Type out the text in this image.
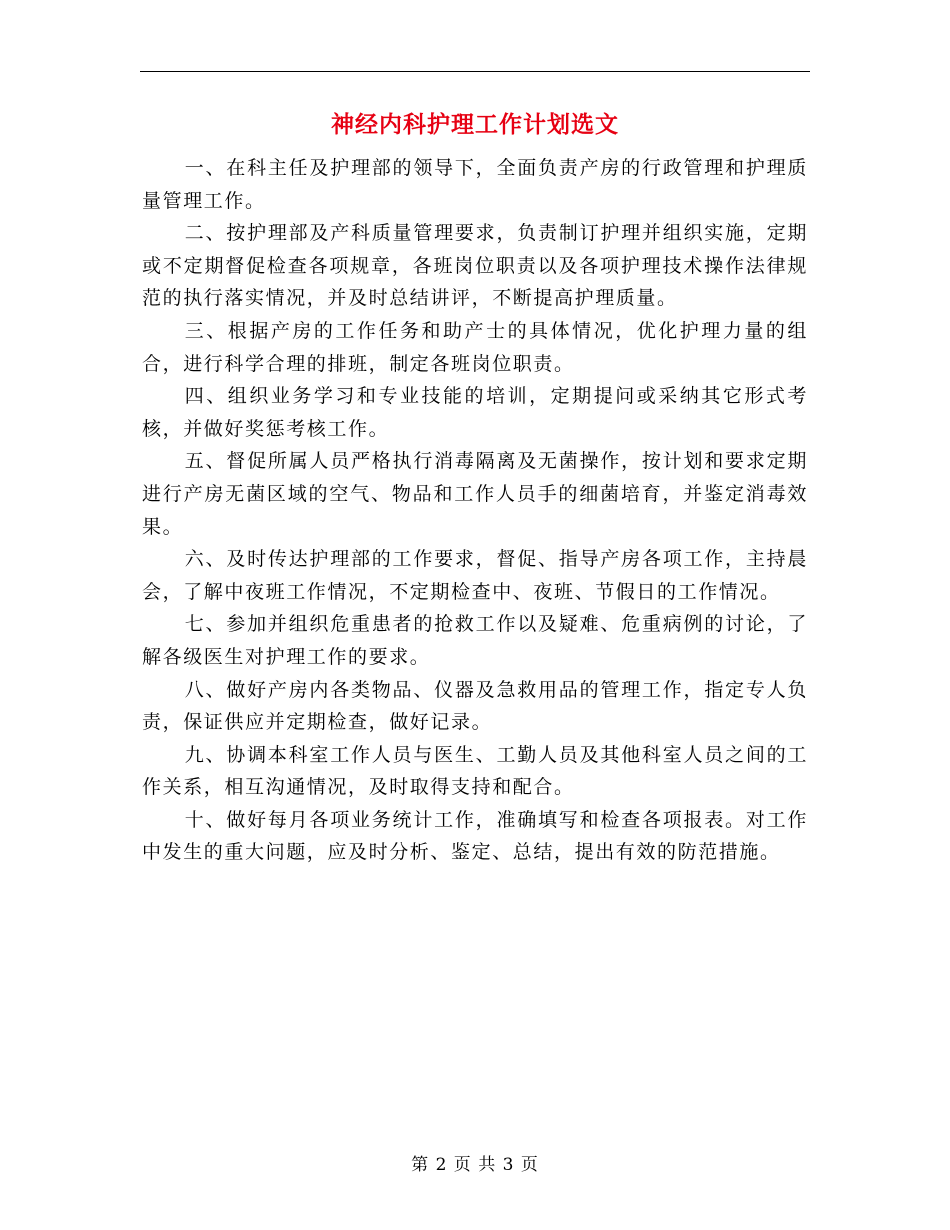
神经内科护理工作计划选文

一、在科主任及护理部的领导下，全面负责产房的行政管理和护理质量管理工作。

二、按护理部及产科质量管理要求，负责制订护理并组织实施，定期或不定期督促检查各项规章，各班岗位职责以及各项护理技术操作法律规范的执行落实情况，并及时总结讲评，不断提高护理质量。

三、根据产房的工作任务和助产士的具体情况，优化护理力量的组合，进行科学合理的排班，制定各班岗位职责。

四、组织业务学习和专业技能的培训，定期提问或采纳其它形式考核，并做好奖惩考核工作。

五、督促所属人员严格执行消毒隔离及无菌操作，按计划和要求定期进行产房无菌区域的空气、物品和工作人员手的细菌培育，并鉴定消毒效果。

六、及时传达护理部的工作要求，督促、指导产房各项工作，主持晨会，了解中夜班工作情况，不定期检查中、夜班、节假日的工作情况。

七、参加并组织危重患者的抢救工作以及疑难、危重病例的讨论，了解各级医生对护理工作的要求。

八、做好产房内各类物品、仪器及急救用品的管理工作，指定专人负责，保证供应并定期检查，做好记录。

九、协调本科室工作人员与医生、工勤人员及其他科室人员之间的工作关系，相互沟通情况，及时取得支持和配合。

十、做好每月各项业务统计工作，准确填写和检查各项报表。对工作中发生的重大问题，应及时分析、鉴定、总结，提出有效的防范措施。

第 2 页 共 3 页
